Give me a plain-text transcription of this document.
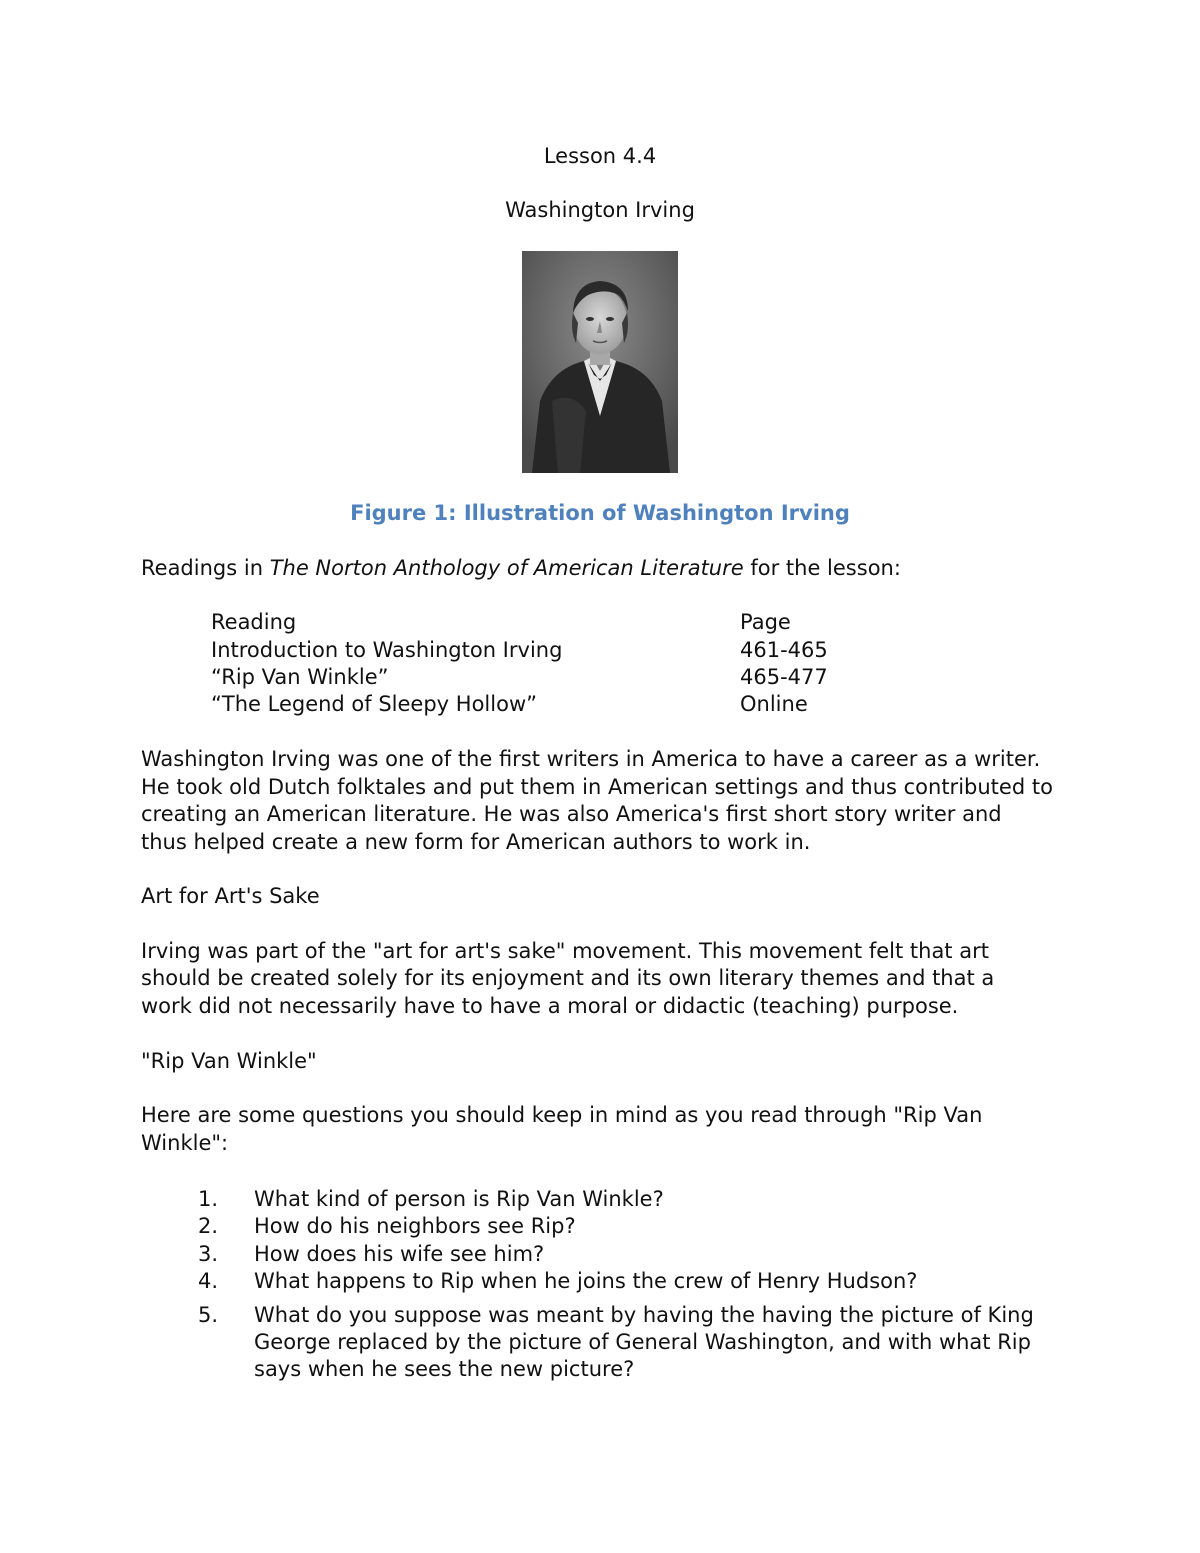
Lesson 4.4
Washington Irving
Figure 1: Illustration of Washington Irving
Readings in The Norton Anthology of American Literature for the lesson:
Reading	Page
Introduction to Washington Irving	461-465
“Rip Van Winkle”	465-477
“The Legend of Sleepy Hollow”	Online
Washington Irving was one of the first writers in America to have a career as a writer.
He took old Dutch folktales and put them in American settings and thus contributed to
creating an American literature. He was also America's first short story writer and
thus helped create a new form for American authors to work in.
Art for Art's Sake
Irving was part of the "art for art's sake" movement. This movement felt that art
should be created solely for its enjoyment and its own literary themes and that a
work did not necessarily have to have a moral or didactic (teaching) purpose.
"Rip Van Winkle"
Here are some questions you should keep in mind as you read through "Rip Van
Winkle":
1. What kind of person is Rip Van Winkle?
2. How do his neighbors see Rip?
3. How does his wife see him?
4. What happens to Rip when he joins the crew of Henry Hudson?
5. What do you suppose was meant by having the having the picture of King
George replaced by the picture of General Washington, and with what Rip
says when he sees the new picture?
